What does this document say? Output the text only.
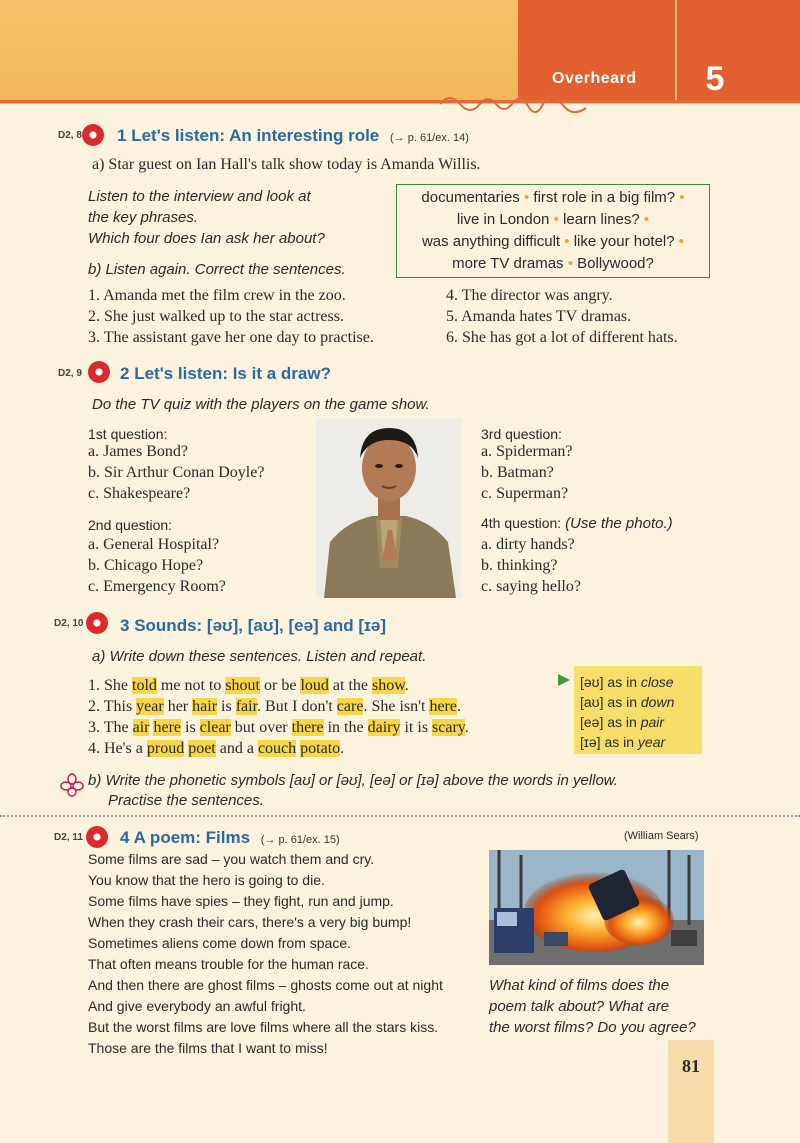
Overheard	5
D2, 8 1 Let's listen: An interesting role (→ p. 61/ex. 14)
a) Star guest on Ian Hall's talk show today is Amanda Willis.
Listen to the interview and look at
the key phrases.
Which four does Ian ask her about?
b) Listen again. Correct the sentences.
documentaries • first role in a big film? •
live in London • learn lines? •
was anything difficult • like your hotel? •
more TV dramas • Bollywood?
1. Amanda met the film crew in the zoo.
2. She just walked up to the star actress.
3. The assistant gave her one day to practise.
4. The director was angry.
5. Amanda hates TV dramas.
6. She has got a lot of different hats.
D2, 9 2 Let's listen: Is it a draw?
Do the TV quiz with the players on the game show.
1st question:
a. James Bond?
b. Sir Arthur Conan Doyle?
c. Shakespeare?
2nd question:
a. General Hospital?
b. Chicago Hope?
c. Emergency Room?
3rd question:
a. Spiderman?
b. Batman?
c. Superman?
4th question: (Use the photo.)
a. dirty hands?
b. thinking?
c. saying hello?
D2, 10 3 Sounds: [əʊ], [aʊ], [eə] and [ɪə]
a) Write down these sentences. Listen and repeat.
1. She told me not to shout or be loud at the show.
2. This year her hair is fair. But I don't care. She isn't here.
3. The air here is clear but over there in the dairy it is scary.
4. He's a proud poet and a couch potato.
[əʊ] as in close
[aʊ] as in down
[eə] as in pair
[ɪə] as in year
b) Write the phonetic symbols [aʊ] or [əʊ], [eə] or [ɪə] above the words in yellow.
Practise the sentences.
D2, 11 4 A poem: Films (→ p. 61/ex. 15)	(William Sears)
Some films are sad – you watch them and cry.
You know that the hero is going to die.
Some films have spies – they fight, run and jump.
When they crash their cars, there's a very big bump!
Sometimes aliens come down from space.
That often means trouble for the human race.
And then there are ghost films – ghosts come out at night
And give everybody an awful fright.
But the worst films are love films where all the stars kiss.
Those are the films that I want to miss!
What kind of films does the
poem talk about? What are
the worst films? Do you agree?
81
